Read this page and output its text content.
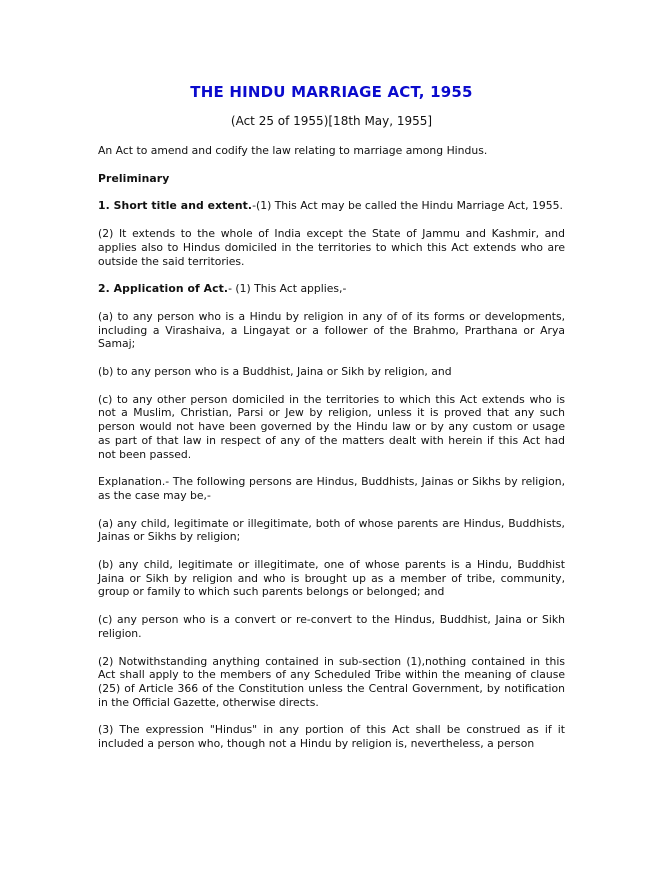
THE HINDU MARRIAGE ACT, 1955
(Act 25 of 1955)[18th May, 1955]

An Act to amend and codify the law relating to marriage among Hindus.

Preliminary

1. Short title and extent.-(1) This Act may be called the Hindu Marriage Act, 1955.

(2) It extends to the whole of India except the State of Jammu and Kashmir, and applies also to Hindus domiciled in the territories to which this Act extends who are outside the said territories.

2. Application of Act.- (1) This Act applies,-

(a) to any person who is a Hindu by religion in any of of its forms or developments, including a Virashaiva, a Lingayat or a follower of the Brahmo, Prarthana or Arya Samaj;

(b) to any person who is a Buddhist, Jaina or Sikh by religion, and

(c) to any other person domiciled in the territories to which this Act extends who is not a Muslim, Christian, Parsi or Jew by religion, unless it is proved that any such person would not have been governed by the Hindu law or by any custom or usage as part of that law in respect of any of the matters dealt with herein if this Act had not been passed.

Explanation.- The following persons are Hindus, Buddhists, Jainas or Sikhs by religion, as the case may be,-

(a) any child, legitimate or illegitimate, both of whose parents are Hindus, Buddhists, Jainas or Sikhs by religion;

(b) any child, legitimate or illegitimate, one of whose parents is a Hindu, Buddhist Jaina or Sikh by religion and who is brought up as a member of tribe, community, group or family to which such parents belongs or belonged; and

(c) any person who is a convert or re-convert to the Hindus, Buddhist, Jaina or Sikh religion.

(2) Notwithstanding anything contained in sub-section (1),nothing contained in this Act shall apply to the members of any Scheduled Tribe within the meaning of clause (25) of Article 366 of the Constitution unless the Central Government, by notification in the Official Gazette, otherwise directs.

(3) The expression "Hindus" in any portion of this Act shall be construed as if it included a person who, though not a Hindu by religion is, nevertheless, a person
